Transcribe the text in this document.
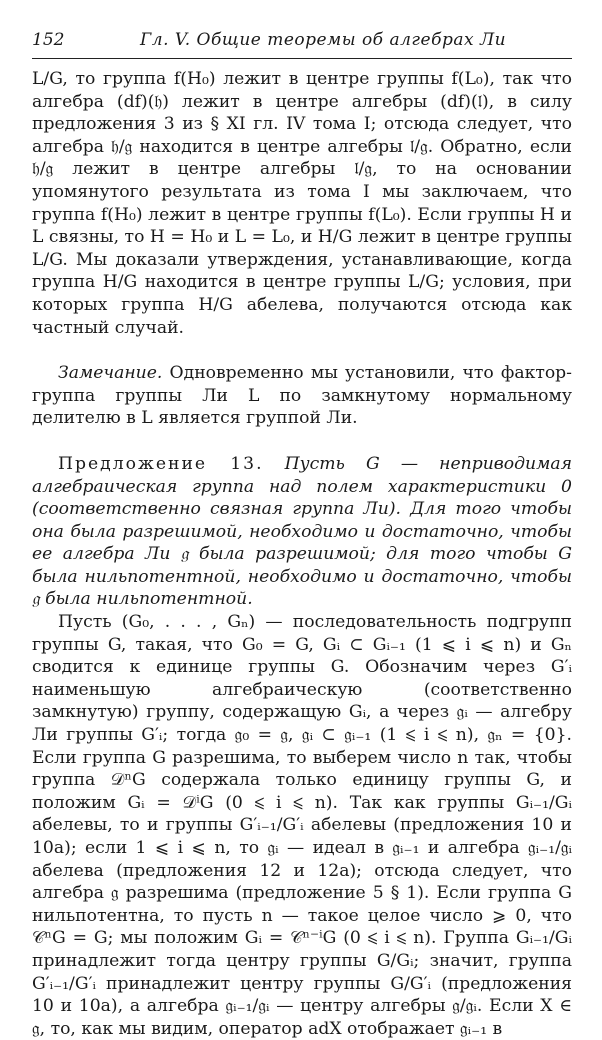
152	Гл. V. Общие теоремы об алгебрах Ли

L/G, то группа f(H₀) лежит в центре группы f(L₀), так что алгебра (df)(𝔥) лежит в центре алгебры (df)(𝔩), в силу предложения 3 из § XI гл. IV тома I; отсюда следует, что алгебра 𝔥/𝔤 находится в центре алгебры 𝔩/𝔤. Обратно, если 𝔥/𝔤 лежит в центре алгебры 𝔩/𝔤, то на основании упомянутого результата из тома I мы заключаем, что группа f(H₀) лежит в центре группы f(L₀). Если группы H и L связны, то H = H₀ и L = L₀, и H/G лежит в центре группы L/G. Мы доказали утверждения, устанавливающие, когда группа H/G находится в центре группы L/G; условия, при которых группа H/G абелева, получаются отсюда как частный случай.

Замечание. Одновременно мы установили, что фактор-группа группы Ли L по замкнутому нормальному делителю в L является группой Ли.

Предложение 13. Пусть G — неприводимая алгебраическая группа над полем характеристики 0 (соответственно связная группа Ли). Для того чтобы она была разрешимой, необходимо и достаточно, чтобы ее алгебра Ли 𝔤 была разрешимой; для того чтобы G была нильпотентной, необходимо и достаточно, чтобы 𝔤 была нильпотентной.

Пусть (G₀, . . . , Gₙ) — последовательность подгрупп группы G, такая, что G₀ = G, Gᵢ ⊂ Gᵢ₋₁ (1 ⩽ i ⩽ n) и Gₙ сводится к единице группы G. Обозначим через G′ᵢ наименьшую алгебраическую (соответственно замкнутую) группу, содержащую Gᵢ, а через 𝔤ᵢ — алгебру Ли группы G′ᵢ; тогда 𝔤₀ = 𝔤, 𝔤ᵢ ⊂ 𝔤ᵢ₋₁ (1 ⩽ i ⩽ n), 𝔤ₙ = {0}. Если группа G разрешима, то выберем число n так, чтобы группа 𝒟ⁿG содержала только единицу группы G, и положим Gᵢ = 𝒟ⁱG (0 ⩽ i ⩽ n). Так как группы Gᵢ₋₁/Gᵢ абелевы, то и группы G′ᵢ₋₁/G′ᵢ абелевы (предложения 10 и 10а); если 1 ⩽ i ⩽ n, то 𝔤ᵢ — идеал в 𝔤ᵢ₋₁ и алгебра 𝔤ᵢ₋₁/𝔤ᵢ абелева (предложения 12 и 12а); отсюда следует, что алгебра 𝔤 разрешима (предложение 5 § 1). Если группа G нильпотентна, то пусть n — такое целое число ⩾ 0, что 𝒞ⁿG = G; мы положим Gᵢ = 𝒞ⁿ⁻ⁱG (0 ⩽ i ⩽ n). Группа Gᵢ₋₁/Gᵢ принадлежит тогда центру группы G/Gᵢ; значит, группа G′ᵢ₋₁/G′ᵢ принадлежит центру группы G/G′ᵢ (предложения 10 и 10а), а алгебра 𝔤ᵢ₋₁/𝔤ᵢ — центру алгебры 𝔤/𝔤ᵢ. Если X ∈ 𝔤, то, как мы видим, оператор adX отображает 𝔤ᵢ₋₁ в
